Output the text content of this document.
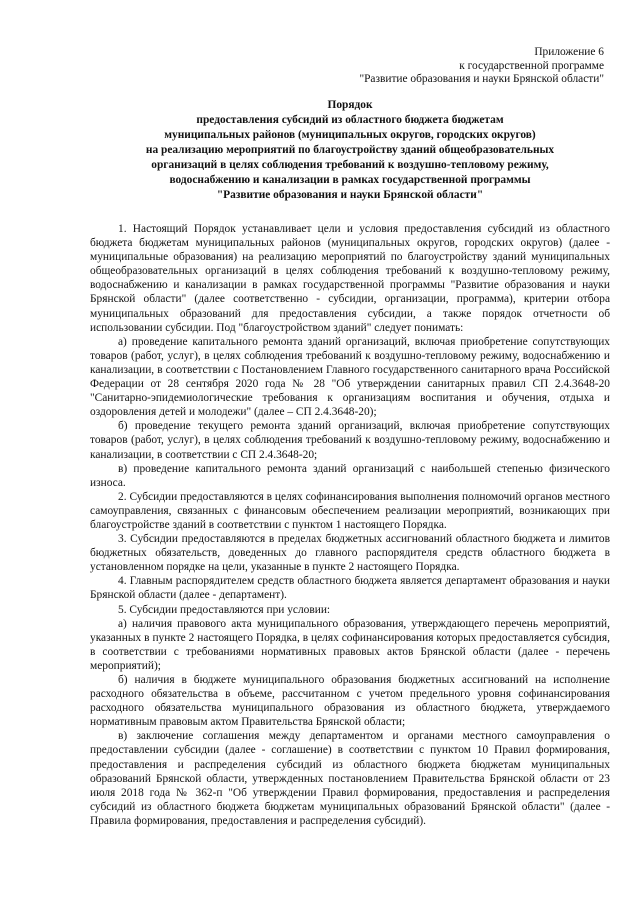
Приложение 6
к государственной программе
"Развитие образования и науки Брянской области"
Порядок
предоставления субсидий из областного бюджета бюджетам
муниципальных районов (муниципальных округов, городских округов)
на реализацию мероприятий по благоустройству зданий общеобразовательных
организаций в целях соблюдения требований к воздушно-тепловому режиму,
водоснабжению и канализации в рамках государственной программы
"Развитие образования и науки Брянской области"

1. Настоящий Порядок устанавливает цели и условия предоставления субсидий из областного бюджета бюджетам муниципальных районов (муниципальных округов, городских округов) (далее - муниципальные образования) на реализацию мероприятий по благоустройству зданий муниципальных общеобразовательных организаций в целях соблюдения требований к воздушно-тепловому режиму, водоснабжению и канализации в рамках государственной программы "Развитие образования и науки Брянской области" (далее соответственно - субсидии, организации, программа), критерии отбора муниципальных образований для предоставления субсидии, а также порядок отчетности об использовании субсидии. Под "благоустройством зданий" следует понимать:

а) проведение капитального ремонта зданий организаций, включая приобретение сопутствующих товаров (работ, услуг), в целях соблюдения требований к воздушно-тепловому режиму, водоснабжению и канализации, в соответствии с Постановлением Главного государственного санитарного врача Российской Федерации от 28 сентября 2020 года № 28 "Об утверждении санитарных правил СП 2.4.3648-20 "Санитарно-эпидемиологические требования к организациям воспитания и обучения, отдыха и оздоровления детей и молодежи" (далее – СП 2.4.3648-20);

б) проведение текущего ремонта зданий организаций, включая приобретение сопутствующих товаров (работ, услуг), в целях соблюдения требований к воздушно-тепловому режиму, водоснабжению и канализации, в соответствии с СП 2.4.3648-20;

в) проведение капитального ремонта зданий организаций с наибольшей степенью физического износа.

2. Субсидии предоставляются в целях софинансирования выполнения полномочий органов местного самоуправления, связанных с финансовым обеспечением реализации мероприятий, возникающих при благоустройстве зданий в соответствии с пунктом 1 настоящего Порядка.

3. Субсидии предоставляются в пределах бюджетных ассигнований областного бюджета и лимитов бюджетных обязательств, доведенных до главного распорядителя средств областного бюджета в установленном порядке на цели, указанные в пункте 2 настоящего Порядка.

4. Главным распорядителем средств областного бюджета является департамент образования и науки Брянской области (далее - департамент).

5. Субсидии предоставляются при условии:

а) наличия правового акта муниципального образования, утверждающего перечень мероприятий, указанных в пункте 2 настоящего Порядка, в целях софинансирования которых предоставляется субсидия, в соответствии с требованиями нормативных правовых актов Брянской области (далее - перечень мероприятий);

б) наличия в бюджете муниципального образования бюджетных ассигнований на исполнение расходного обязательства в объеме, рассчитанном с учетом предельного уровня софинансирования расходного обязательства муниципального образования из областного бюджета, утверждаемого нормативным правовым актом Правительства Брянской области;

в) заключение соглашения между департаментом и органами местного самоуправления о предоставлении субсидии (далее - соглашение) в соответствии с пунктом 10 Правил формирования, предоставления и распределения субсидий из областного бюджета бюджетам муниципальных образований Брянской области, утвержденных постановлением Правительства Брянской области от 23 июля 2018 года № 362-п "Об утверждении Правил формирования, предоставления и распределения субсидий из областного бюджета бюджетам муниципальных образований Брянской области" (далее - Правила формирования, предоставления и распределения субсидий).
